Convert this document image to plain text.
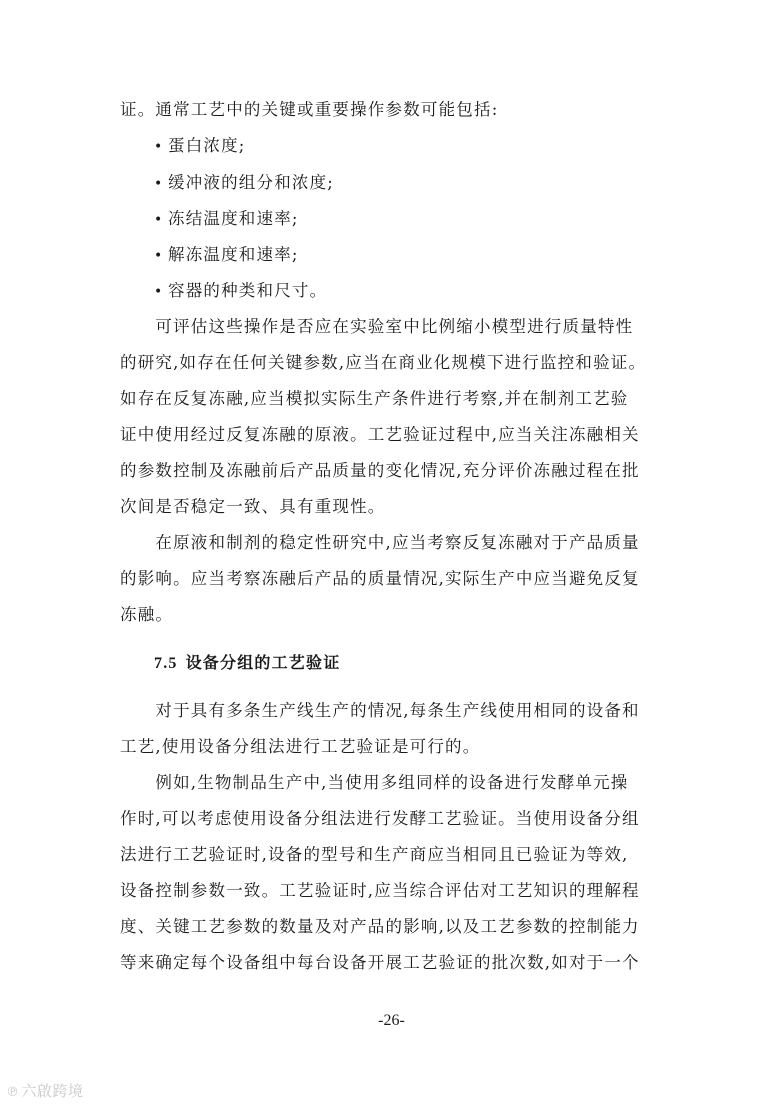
证。通常工艺中的关键或重要操作参数可能包括:
• 蛋白浓度;
• 缓冲液的组分和浓度;
• 冻结温度和速率;
• 解冻温度和速率;
• 容器的种类和尺寸。
　　可评估这些操作是否应在实验室中比例缩小模型进行质量特性
的研究,如存在任何关键参数,应当在商业化规模下进行监控和验证。
如存在反复冻融,应当模拟实际生产条件进行考察,并在制剂工艺验
证中使用经过反复冻融的原液。工艺验证过程中,应当关注冻融相关
的参数控制及冻融前后产品质量的变化情况,充分评价冻融过程在批
次间是否稳定一致、具有重现性。
　　在原液和制剂的稳定性研究中,应当考察反复冻融对于产品质量
的影响。应当考察冻融后产品的质量情况,实际生产中应当避免反复
冻融。
7.5 设备分组的工艺验证
　　对于具有多条生产线生产的情况,每条生产线使用相同的设备和
工艺,使用设备分组法进行工艺验证是可行的。
　　例如,生物制品生产中,当使用多组同样的设备进行发酵单元操
作时,可以考虑使用设备分组法进行发酵工艺验证。当使用设备分组
法进行工艺验证时,设备的型号和生产商应当相同且已验证为等效,
设备控制参数一致。工艺验证时,应当综合评估对工艺知识的理解程
度、关键工艺参数的数量及对产品的影响,以及工艺参数的控制能力
等来确定每个设备组中每台设备开展工艺验证的批次数,如对于一个
-26-
℗ 六啟跨境
